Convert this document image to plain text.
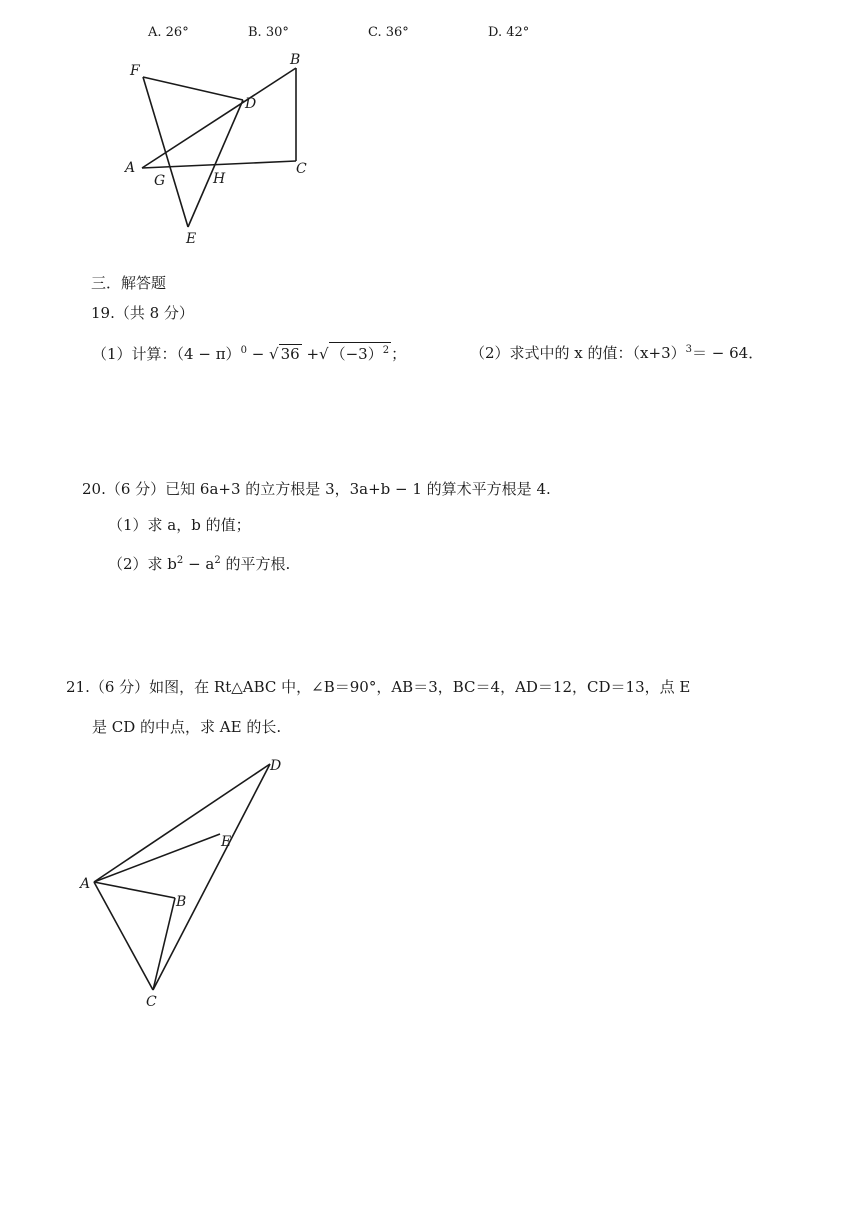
A. 26°	B. 30°	C. 36°	D. 42°
F
B
D
A
G	H
C
E
三．解答题
19.（共 8 分）
（1）计算：$(4 - \pi)^0$ − √ 36 +√ $(-3)^2$ ；	（2）求式中的 x 的值：$(x+3)^3= - 64$．
20.（6 分）已知 6a+3 的立方根是 3，3a+b − 1 的算术平方根是 4.
（1）求 a，b 的值；
（2）求 $b^2 - a^2$ 的平方根.
21.（6 分）如图，在 Rt△ABC 中，∠B＝90°，AB＝3，BC＝4，AD＝12，CD＝13，点 E
是 CD 的中点，求 AE 的长.
D
E
A
B
C
